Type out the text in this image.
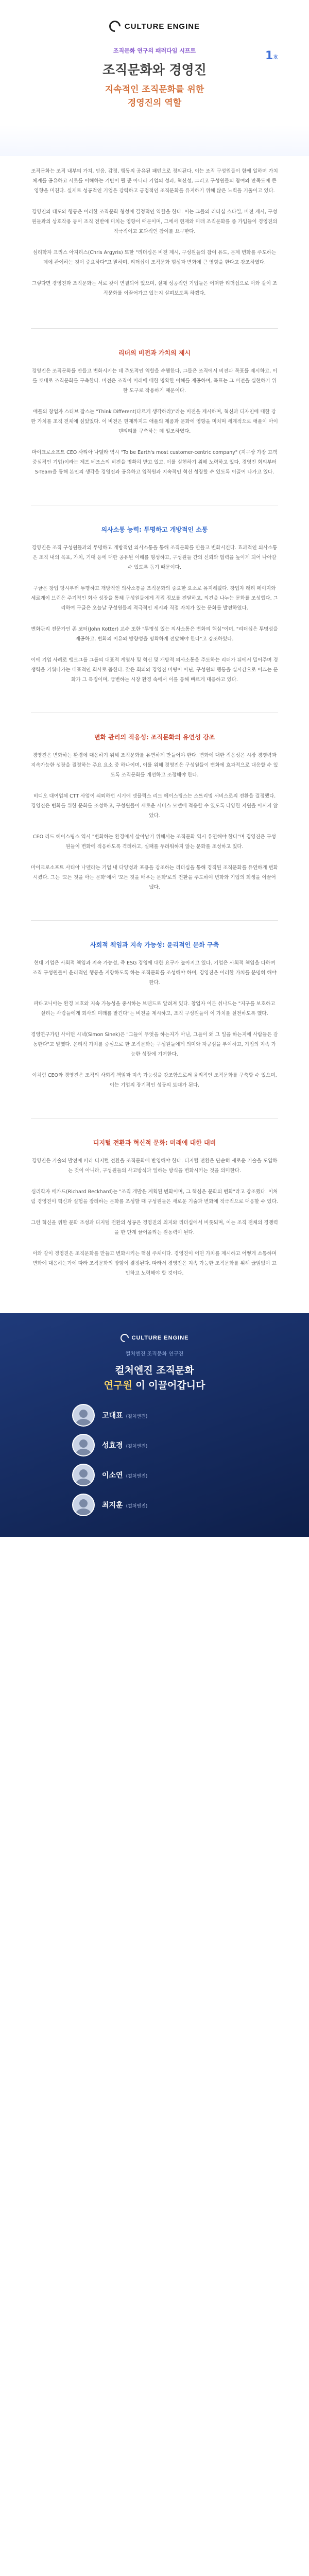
CULTURE ENGINE
조직문화 연구의 패러다임 시프트	1호
조직문화와 경영진
지속적인 조직문화를 위한
경영진의 역할

조직문화는 조직 내부의 가치, 믿음, 감정, 행동의 공유된 패턴으로 정의된다. 이는 조직 구성원들이 함께 일하며 가치 체계를 공유하고 서로를 이해하는 기반이 될 뿐 아니라 기업의 성과, 혁신성, 그리고 구성원들의 참여와 만족도에 큰 영향을 미친다. 실제로 성공적인 기업은 강력하고 긍정적인 조직문화를 유지하기 위해 많은 노력을 기울이고 있다.

경영진의 태도와 행동은 이러한 조직문화 형성에 결정적인 역할을 한다. 이는 그들의 리더십 스타일, 비전 제시, 구성원들과의 상호작용 등이 조직 전반에 미치는 영향이 때문이며, 그에서 현재와 미래 조직문화를 좀 가입들이 경영진의 적극적이고 효과적인 참여를 요구한다.

심리학자 크리스 아지리스(Chris Argyris) 또한 "리더십은 비전 제시, 구성원들의 참여 유도, 문제 변화를 주도하는 데에 관여하는 것이 중요하다"고 말하며, 리더십이 조직문화 형성과 변화에 큰 영향을 한다고 강조하였다.

그렇다면 경영진과 조직문화는 서로 갖이 연결되어 있으며, 실제 성공적인 기업들은 어떠한 리더십으로 이와 같이 조직문화를 이끌어가고 있는지 살펴보도록 하겠다.

리더의 비전과 가치의 제시

경영진은 조직문화를 만들고 변화시키는 데 주도적인 역할을 수행한다. 그들은 조직에서 비전과 목표를 제시하고, 이를 토대로 조직문화를 구축한다. 비전은 조직이 미래에 대한 명확한 이해를 제공하며, 목표는 그 비전을 실현하기 위한 도구로 작용하기 때문이다.

애플의 창업자 스티브 잡스는 "Think Different(다르게 생각하라)"라는 비전을 제시하며, 혁신과 디자인에 대한 강한 가치를 조직 전체에 심었었다. 이 비전은 현재까지도 애플의 제품과 문화에 영향을 미치며 세계적으로 애플이 아이덴티티를 구축하는 데 일조하였다.

마이크로소프트 CEO 사티아 나델라 역시 "To be Earth's most customer-centric company" (지구상 가장 고객 중심적인 기업)이라는 제프 베조스의 비전을 명확히 받고 있고, 이를 실현하기 위해 노력하고 있다. 경영진 회의부터 S-Team을 통해 본인의 생각을 경영진과 공유하고 임직원과 지속적인 혁신 성장할 수 있도록 이끌어 나가고 있다.

의사소통 능력: 투명하고 개방적인 소통

경영진은 조직 구성원들과의 투명하고 개방적인 의사소통을 통해 조직문화를 만들고 변화시킨다. 효과적인 의사소통은 조직 내의 목표, 가치, 기대 등에 대한 공유된 이해를 형성하고, 구성원들 간의 신뢰와 협력을 높이게 되어 나아갈 수 있도록 돕기 때문이다.

구글은 창업 당시부터 투명하고 개방적인 의사소통을 조직문화의 중요한 요소로 유지해왔다. 창업자 래리 페이지와 세르게이 브린은 주기적인 회사 성장을 통해 구성원들에게 직접 정보를 전달하고, 의견을 나누는 문화를 조성했다. 그리하여 구글은 오늘날 구성원들의 적극적인 제시와 직접 자치가 있는 문화를 발전하였다.

변화관리 전문가인 존 코터(John Kotter) 교수 또한 "투명성 있는 의사소통은 변화의 핵심"이며, "리더십은 투명성을 제공하고, 변화의 이유와 방향성을 명확하게 전달해야 한다"고 강조하였다.

이에 기업 사례로 뱅크그룹 그룹의 대표적 계열사 및 혁신 및 개방적 의사소통을 주도하는 리더가 뒤에서 밀어주며 경쟁력을 키워나가는 대표적인 회사로 꼽힌다. 잦은 회의와 경영진 미팅이 아닌, 구성원의 행동을 실시간으로 이끄는 문화가 그 특징이며, 급변하는 시장 환경 속에서 이를 통해 빠르게 대응하고 있다.

변화 관리의 적응성: 조직문화의 유연성 강조

경영진은 변화하는 환경에 대응하기 위해 조직문화를 유연하게 만들어야 한다. 변화에 대한 적응성은 시장 경쟁력과 지속가능한 성장을 결정하는 주요 요소 중 하나이며, 이를 위해 경영진은 구성원들이 변화에 효과적으로 대응할 수 있도록 조직문화를 개선하고 조정해야 한다.

비디오 대여업체 CTT 사업이 쇠퇴하던 시기에 넷플릭스 리드 헤이스팅스는 스트리밍 서비스로의 전환을 결정했다. 경영진은 변화를 위한 문화를 조성하고, 구성원들이 새로운 서비스 모델에 적응할 수 있도록 다양한 지원을 아끼지 않았다.

CEO 리드 헤이스팅스 역시 "변화하는 환경에서 살아남기 위해서는 조직문화 역시 유연해야 한다"며 경영진은 구성원들이 변화에 적응하도록 격려하고, 실패를 두려워하지 않는 문화를 조성하고 있다.

마이크로소프트 사티아 나델라는 기업 내 다양성과 포용을 강조하는 리더십을 통해 경직된 조직문화를 유연하게 변화시켰다. 그는 '모든 것을 아는 문화'에서 '모든 것을 배우는 문화'로의 전환을 주도하여 변화와 기업의 회생을 이끌어냈다.

사회적 책임과 지속 가능성: 윤리적인 문화 구축

현대 기업은 사회적 책임과 지속 가능성, 즉 ESG 경영에 대한 요구가 높아지고 있다. 기업은 사회적 책임을 다하며 조직 구성원들이 윤리적인 행동을 지향하도록 하는 조직문화를 조성해야 하며, 경영진은 이러한 가치를 분명히 해야 한다.

파타고니아는 환경 보호와 지속 가능성을 중시하는 브랜드로 알려져 있다. 창업자 이본 쉬나드는 "지구를 보호하고 살리는 사람들에게 회사의 미래를 맡긴다"는 비전을 제시하고, 조직 구성원들이 이 가치를 실천하도록 했다.

경영연구가인 사이먼 시넥(Simon Sinek)은 "그들이 무엇을 하는지가 아닌, 그들이 왜 그 일을 하는지에 사람들은 감동한다"고 말했다. 윤리적 가치를 중심으로 한 조직문화는 구성원들에게 의미와 자긍심을 부여하고, 기업의 지속 가능한 성장에 기여한다.

이처럼 CEO와 경영진은 조직의 사회적 책임과 지속 가능성을 강조함으로써 윤리적인 조직문화를 구축할 수 있으며, 이는 기업의 장기적인 성공의 토대가 된다.

디지털 전환과 혁신적 문화: 미래에 대한 대비

경영진은 기술의 발전에 따라 디지털 전환을 조직문화에 반영해야 한다. 디지털 전환은 단순히 새로운 기술을 도입하는 것이 아니라, 구성원들의 사고방식과 일하는 방식을 변화시키는 것을 의미한다.

심리학자 베카드(Richard Beckhard)는 "조직 개발은 계획된 변화이며, 그 핵심은 문화의 변화"라고 강조했다. 이처럼 경영진이 혁신과 실험을 장려하는 문화를 조성할 때 구성원들은 새로운 기술과 변화에 적극적으로 대응할 수 있다.

그런 혁신을 위한 문화 조성과 디지털 전환의 성공은 경영진의 의지와 리더십에서 비롯되며, 이는 조직 전체의 경쟁력을 한 단계 끌어올리는 원동력이 된다.

이와 같이 경영진은 조직문화를 만들고 변화시키는 핵심 주체이다. 경영진이 어떤 가치를 제시하고 어떻게 소통하며 변화에 대응하는가에 따라 조직문화의 방향이 결정된다. 따라서 경영진은 지속 가능한 조직문화를 위해 끊임없이 고민하고 노력해야 할 것이다.

CULTURE ENGINE
컬처엔진 조직문화 연구진
컬처엔진 조직문화
연구원 이 이끌어갑니다
고대표 (컬처엔진)
성효경 (컬처엔진)
이소연 (컬처엔진)
최지훈 (컬처엔진)
